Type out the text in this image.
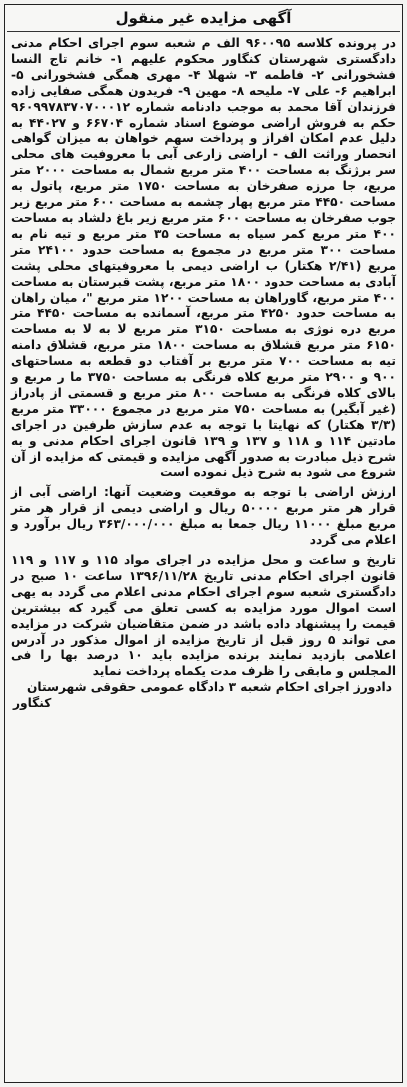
آگهی مزایده غیر منقول

در پرونده کلاسه ۹۶۰۰۹۵ الف م شعبه سوم اجرای احکام مدنی دادگستری شهرستان کنگاور محکوم علیهم ۱- خانم تاج النسا فشخورانی ۲- فاطمه ۳- شهلا ۴- مهری همگی فشخورانی ۵- ابراهیم ۶- علی ۷- ملیحه ۸- مهین ۹- فریدون همگی صفایی زاده فرزندان آقا محمد به موجب دادنامه شماره ۹۶۰۹۹۷۸۳۷۰۷۰۰۰۱۲ حکم به فروش اراضی موضوع اسناد شماره ۶۶۷۰۴ و ۴۴۰۲۷ به دلیل عدم امکان افراز و پرداخت سهم خواهان به میزان گواهی انحصار وراثت الف - اراضی زارعی آبی با معروفیت های محلی سر برژنگ به مساحت ۴۰۰ متر مربع شمال به مساحت ۲۰۰۰ متر مربع، جا مرزه صفرخان به مساحت ۱۷۵۰ متر مربع، پاتول به مساحت ۴۴۵۰ متر مربع پهار چشمه به مساحت ۶۰۰ متر مربع زیر جوب صفرخان به مساحت ۶۰۰ متر مربع زیر باغ دلشاد به مساحت ۴۰۰ متر مربع کمر سیاه به مساحت ۳۵ متر مربع و تیه نام به مساحت ۳۰۰ متر مربع در مجموع به مساحت حدود ۲۴۱۰۰ متر مربع (۲/۴۱ هکتار) ب اراضی دیمی با معروفیتهای محلی پشت آبادی به مساحت حدود ۱۸۰۰ متر مربع، پشت قبرستان به مساحت ۴۰۰ متر مربع، گاوراهان به مساحت ۱۲۰۰ متر مربع "، میان راهان به مساحت حدود ۴۲۵۰ متر مربع، آسمانده به مساحت ۴۴۵۰ متر مربع دره نوژی به مساحت ۳۱۵۰ متر مربع لا به لا به مساحت ۶۱۵۰ متر مربع قشلاق به مساحت ۱۸۰۰ متر مربع، قشلاق دامنه تیه به مساحت ۷۰۰ متر مربع بر آفتاب دو قطعه به مساحتهای ۹۰۰ و ۲۹۰۰ متر مربع کلاه فرنگی به مساحت ۳۷۵۰ ما ر مربع و بالای کلاه فرنگی به مساحت ۸۰۰ متر مربع و قسمتی از پادراز (غیر آبگیر) به مساحت ۷۵۰ متر مربع در مجموع ۳۳۰۰۰ متر مربع (۳/۳ هکتار) که نهایتا با توجه به عدم سازش طرفین در اجرای مادتین ۱۱۴ و ۱۱۸ و ۱۳۷ و ۱۳۹ قانون اجرای احکام مدنی و به شرح ذیل مبادرت به صدور آگهی مزایده و قیمتی که مزایده از آن شروع می شود به شرح ذیل نموده است

ارزش اراضی با توجه به موقعیت وضعیت آنها: اراضی آبی از قرار هر متر مربع ۵۰۰۰۰ ریال و اراضی دیمی از قرار هر متر مربع مبلغ ۱۱۰۰۰ ریال جمعا به مبلغ ۳۶۳/۰۰۰/۰۰۰ ریال برآورد و اعلام می گردد

تاریخ و ساعت و محل مزایده در اجرای مواد ۱۱۵ و ۱۱۷ و ۱۱۹ قانون اجرای احکام مدنی تاریخ ۱۳۹۶/۱۱/۲۸ ساعت ۱۰ صبح در دادگستری شعبه سوم اجرای احکام مدنی اعلام می گردد به یهی است اموال مورد مزایده به کسی تعلق می گیرد که بیشترین قیمت را پیشنهاد داده باشد در ضمن متقاضیان شرکت در مزایده می تواند ۵ روز قبل از تاریخ مزایده از اموال مذکور در آدرس اعلامی بازدید نمایند برنده مزایده باید ۱۰ درصد بها را فی المجلس و مابقی را ظرف مدت یکماه پرداخت نماید

دادورز اجرای احکام شعبه ۳ دادگاه عمومی حقوقی شهرستان
کنگاور
